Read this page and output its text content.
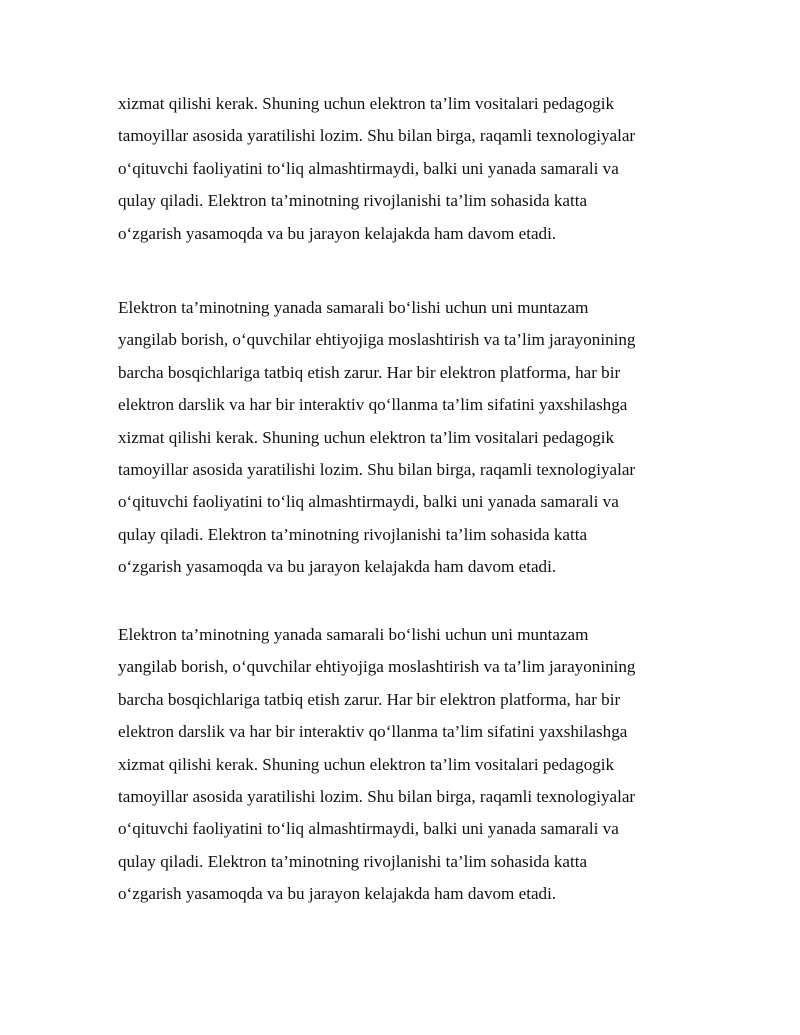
xizmat qilishi kerak. Shuning uchun elektron ta’lim vositalari pedagogik
tamoyillar asosida yaratilishi lozim. Shu bilan birga, raqamli texnologiyalar
o‘qituvchi faoliyatini to‘liq almashtirmaydi, balki uni yanada samarali va
qulay qiladi. Elektron ta’minotning rivojlanishi ta’lim sohasida katta
o‘zgarish yasamoqda va bu jarayon kelajakda ham davom etadi.
Elektron ta’minotning yanada samarali bo‘lishi uchun uni muntazam
yangilab borish, o‘quvchilar ehtiyojiga moslashtirish va ta’lim jarayonining
barcha bosqichlariga tatbiq etish zarur. Har bir elektron platforma, har bir
elektron darslik va har bir interaktiv qo‘llanma ta’lim sifatini yaxshilashga
xizmat qilishi kerak. Shuning uchun elektron ta’lim vositalari pedagogik
tamoyillar asosida yaratilishi lozim. Shu bilan birga, raqamli texnologiyalar
o‘qituvchi faoliyatini to‘liq almashtirmaydi, balki uni yanada samarali va
qulay qiladi. Elektron ta’minotning rivojlanishi ta’lim sohasida katta
o‘zgarish yasamoqda va bu jarayon kelajakda ham davom etadi.
Elektron ta’minotning yanada samarali bo‘lishi uchun uni muntazam
yangilab borish, o‘quvchilar ehtiyojiga moslashtirish va ta’lim jarayonining
barcha bosqichlariga tatbiq etish zarur. Har bir elektron platforma, har bir
elektron darslik va har bir interaktiv qo‘llanma ta’lim sifatini yaxshilashga
xizmat qilishi kerak. Shuning uchun elektron ta’lim vositalari pedagogik
tamoyillar asosida yaratilishi lozim. Shu bilan birga, raqamli texnologiyalar
o‘qituvchi faoliyatini to‘liq almashtirmaydi, balki uni yanada samarali va
qulay qiladi. Elektron ta’minotning rivojlanishi ta’lim sohasida katta
o‘zgarish yasamoqda va bu jarayon kelajakda ham davom etadi.
